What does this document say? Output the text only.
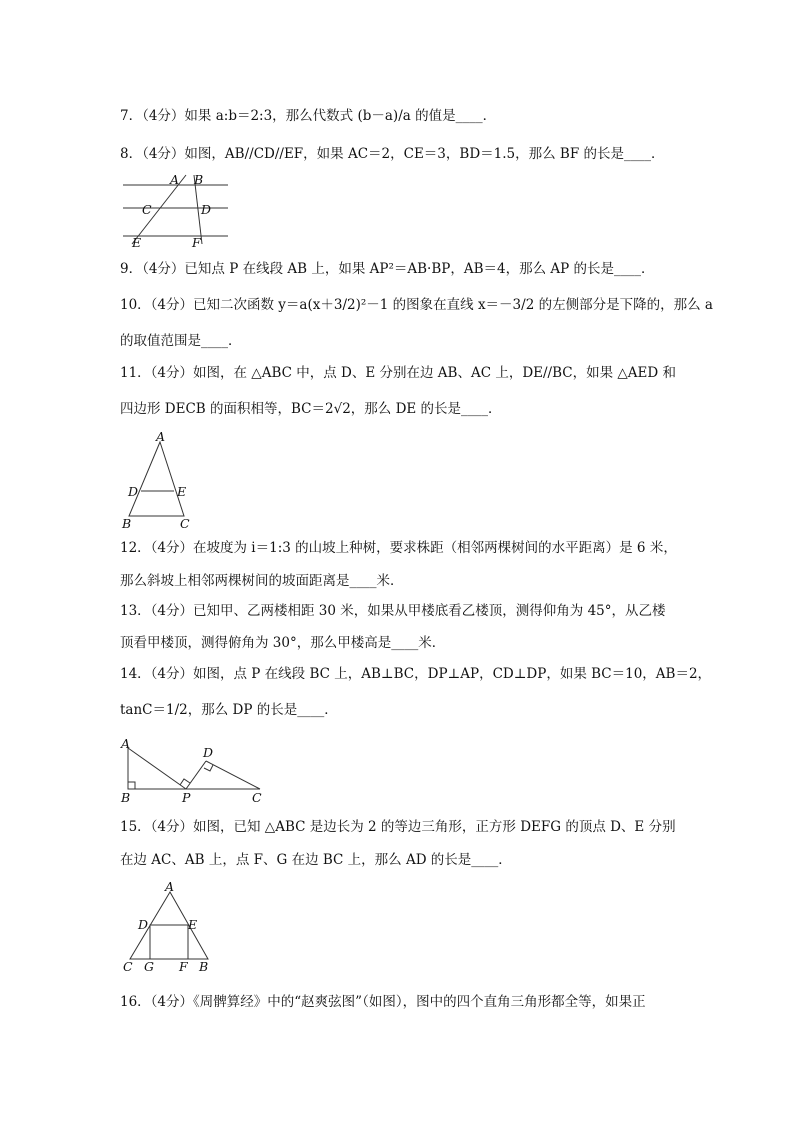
7．（4分）如果 a:b＝2:3，那么代数式 (b－a)/a 的值是____．
8．（4分）如图，AB//CD//EF，如果 AC＝2，CE＝3，BD＝1.5，那么 BF 的长是____．
A B
C	D
E	F
9．（4分）已知点 P 在线段 AB 上，如果 AP²＝AB·BP，AB＝4，那么 AP 的长是____．
10．（4分）已知二次函数 y＝a(x＋3/2)²－1 的图象在直线 x＝－3/2 的左侧部分是下降的，那么 a
的取值范围是____．
11．（4分）如图，在 △ABC 中，点 D、E 分别在边 AB、AC 上，DE//BC，如果 △AED 和
四边形 DECB 的面积相等，BC＝2√2，那么 DE 的长是____．
A
D	E
B	C
12．（4分）在坡度为 i＝1:3 的山坡上种树，要求株距（相邻两棵树间的水平距离）是 6 米，
那么斜坡上相邻两棵树间的坡面距离是____米．
13．（4分）已知甲、乙两楼相距 30 米，如果从甲楼底看乙楼顶，测得仰角为 45°，从乙楼
顶看甲楼顶，测得俯角为 30°，那么甲楼高是____米．
14．（4分）如图，点 P 在线段 BC 上，AB⊥BC，DP⊥AP，CD⊥DP，如果 BC＝10，AB＝2，
tanC＝1/2，那么 DP 的长是____．
A
D
B	P	C
15．（4分）如图，已知 △ABC 是边长为 2 的等边三角形，正方形 DEFG 的顶点 D、E 分别
在边 AC、AB 上，点 F、G 在边 BC 上，那么 AD 的长是____．
A
D	E
C G F B
16．（4分）《周髀算经》中的“赵爽弦图”（如图），图中的四个直角三角形都全等，如果正
